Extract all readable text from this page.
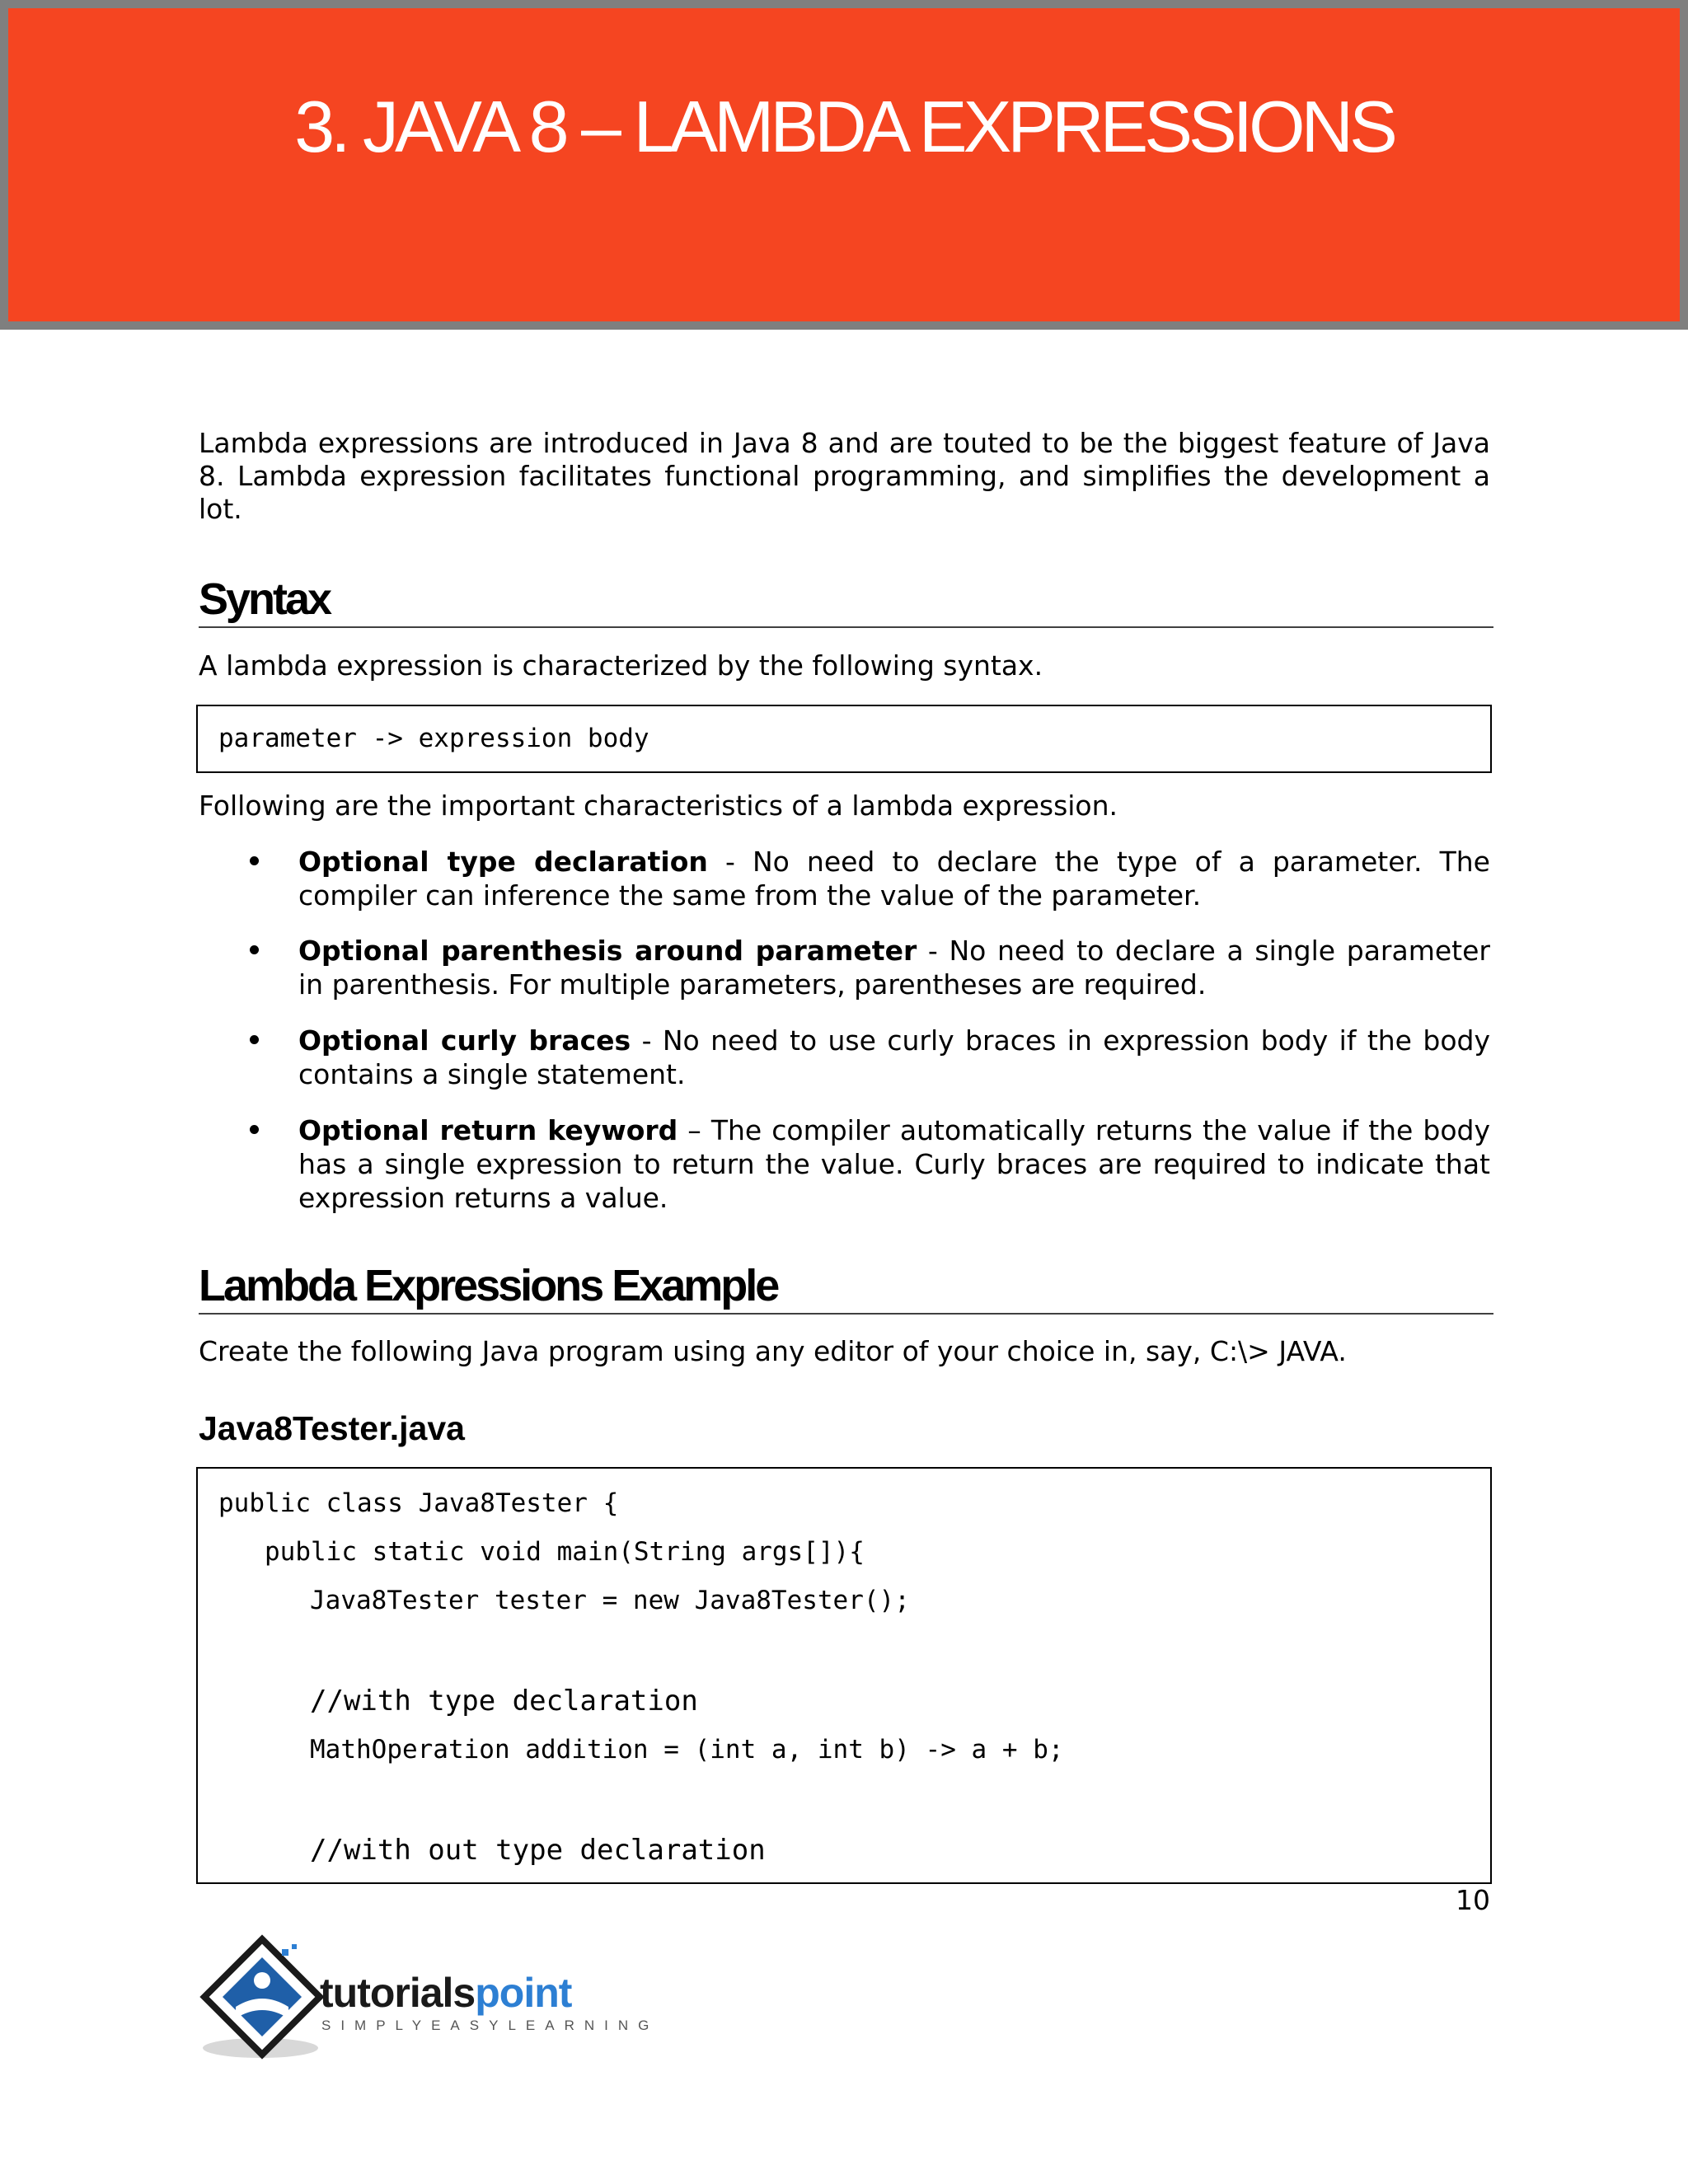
3. JAVA 8 – LAMBDA EXPRESSIONS

Lambda expressions are introduced in Java 8 and are touted to be the biggest feature of Java 8. Lambda expression facilitates functional programming, and simplifies the development a lot.

Syntax

A lambda expression is characterized by the following syntax.

parameter -> expression body

Following are the important characteristics of a lambda expression.

Optional type declaration - No need to declare the type of a parameter. The compiler can inference the same from the value of the parameter.
Optional parenthesis around parameter - No need to declare a single parameter in parenthesis. For multiple parameters, parentheses are required.
Optional curly braces - No need to use curly braces in expression body if the body contains a single statement.
Optional return keyword – The compiler automatically returns the value if the body has a single expression to return the value. Curly braces are required to indicate that expression returns a value.
Lambda Expressions Example

Create the following Java program using any editor of your choice in, say, C:\> JAVA.

Java8Tester.java

public class Java8Tester {
public static void main(String args[]){
Java8Tester tester = new Java8Tester();
//with type declaration
MathOperation addition = (int a, int b) -> a + b;
//with out type declaration
10
tutorialspoint
SIMPLYEASYLEARNING
